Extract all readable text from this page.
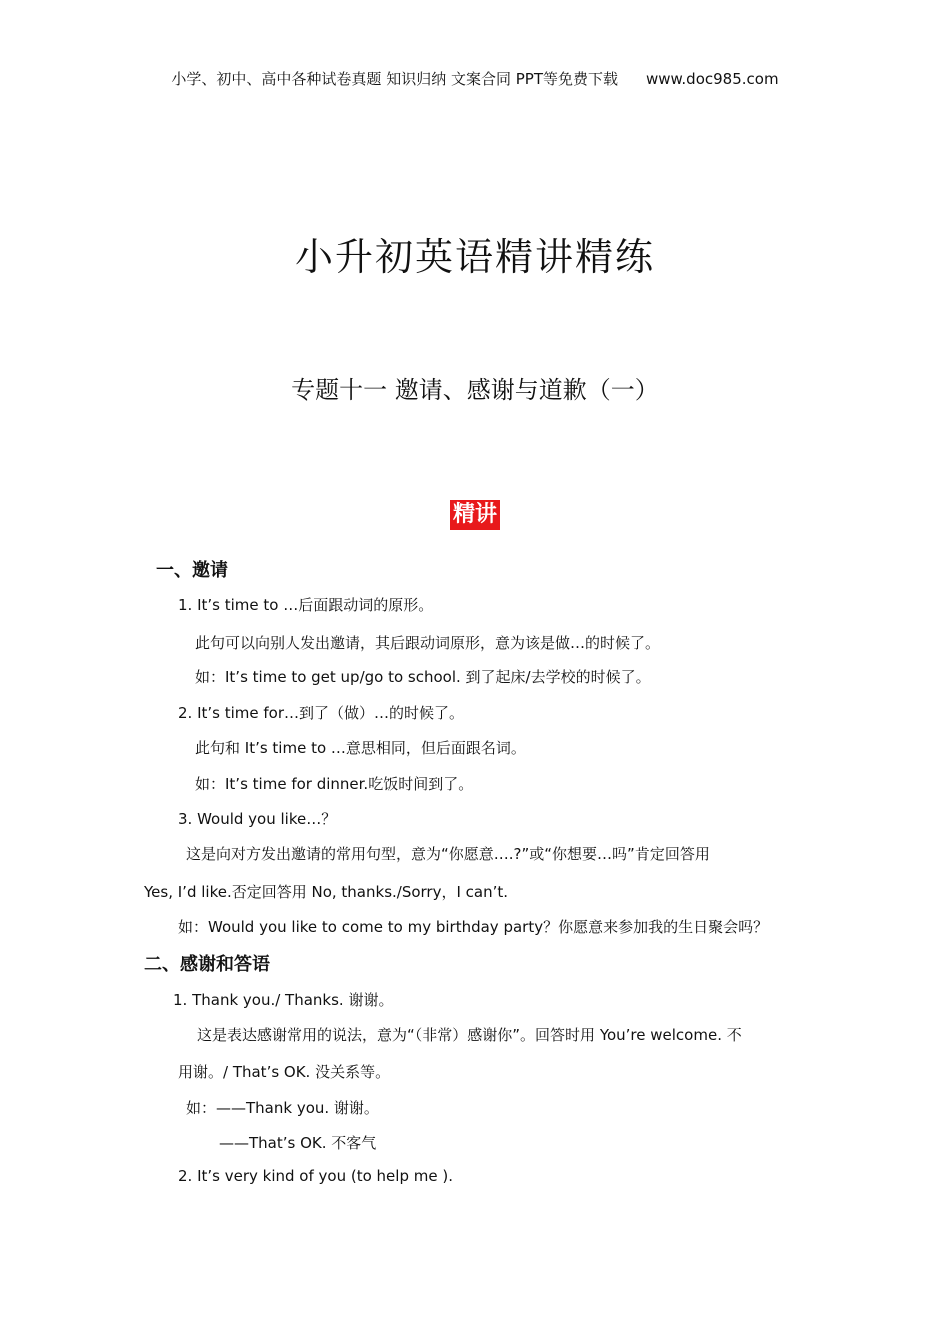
小学、初中、高中各种试卷真题 知识归纳 文案合同 PPT等免费下载 www.doc985.com
小升初英语精讲精练
专题十一 邀请、感谢与道歉（一）
精讲
一、邀请
1. It’s time to …后面跟动词的原形。
此句可以向别人发出邀请，其后跟动词原形，意为该是做…的时候了。
如：It’s time to get up/go to school. 到了起床/去学校的时候了。
2. It’s time for…到了（做）…的时候了。
此句和 It’s time to …意思相同，但后面跟名词。
如：It’s time for dinner.吃饭时间到了。
3. Would you like…？
这是向对方发出邀请的常用句型，意为“你愿意….?”或“你想要…吗”肯定回答用
Yes, I’d like.否定回答用 No, thanks./Sorry，I can’t.
如：Would you like to come to my birthday party？你愿意来参加我的生日聚会吗？
二、感谢和答语
1. Thank you./ Thanks. 谢谢。
这是表达感谢常用的说法，意为“（非常）感谢你”。回答时用 You’re welcome. 不
用谢。/ That’s OK. 没关系等。
如：——Thank you. 谢谢。
——That’s OK. 不客气
2. It’s very kind of you (to help me ).
